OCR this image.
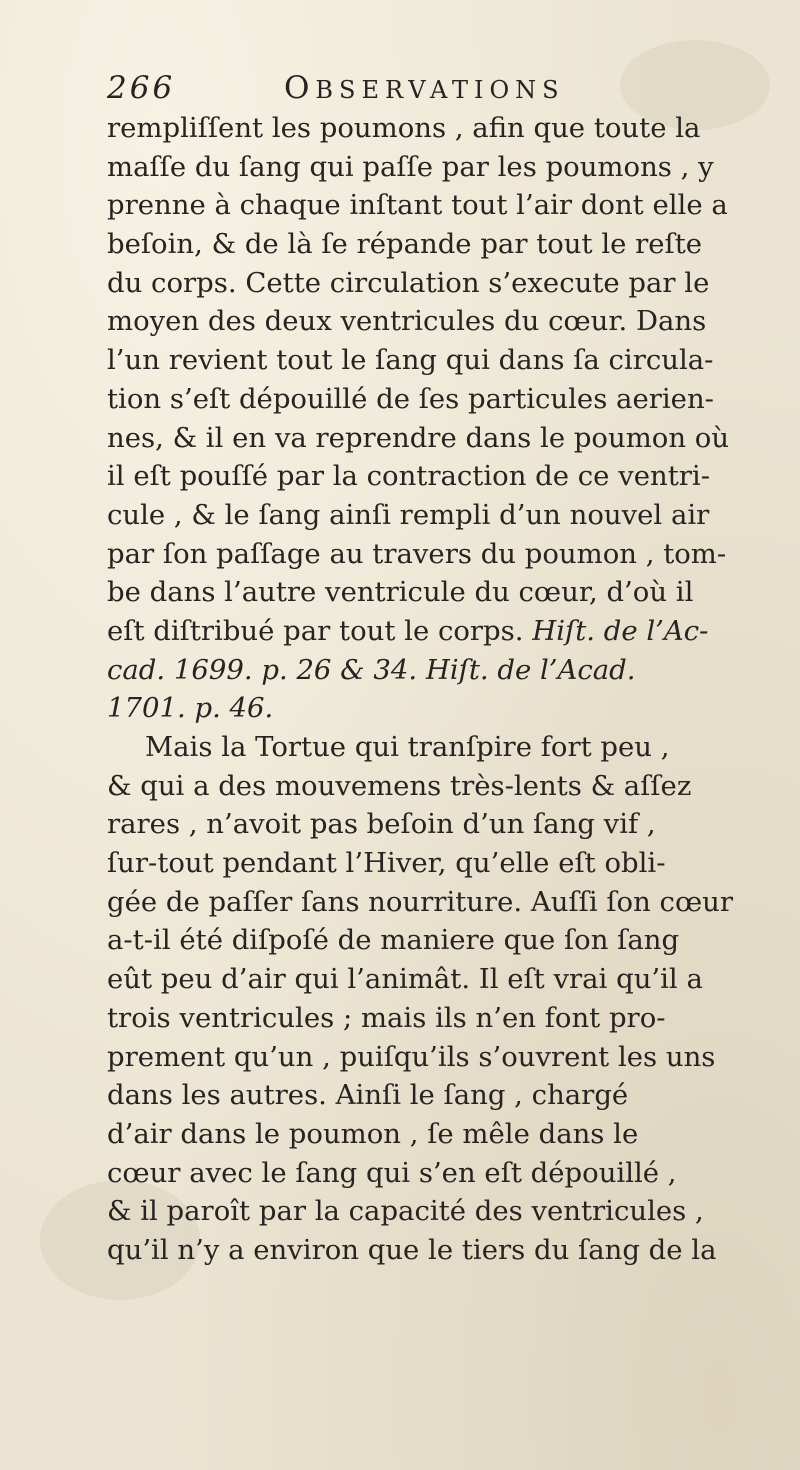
266	OBSERVATIONS
rempliſſent les poumons , afin que toute la
maſſe du ſang qui paſſe par les poumons , y
prenne à chaque inſtant tout l’air dont elle a
beſoin, & de là ſe répande par tout le reſte
du corps. Cette circulation s’execute par le
moyen des deux ventricules du cœur. Dans
l’un revient tout le ſang qui dans ſa circula-
tion s’eſt dépouillé de ſes particules aerien-
nes, & il en va reprendre dans le poumon où
il eſt pouſſé par la contraction de ce ventri-
cule , & le ſang ainſi rempli d’un nouvel air
par ſon paſſage au travers du poumon , tom-
be dans l’autre ventricule du cœur, d’où il
eſt diſtribué par tout le corps. Hiſt. de l’Ac-
cad. 1699. p. 26 & 34. Hiſt. de l’Acad.
1701. p. 46.
Mais la Tortue qui tranſpire fort peu ,
& qui a des mouvemens très-lents & aſſez
rares , n’avoit pas beſoin d’un ſang vif ,
ſur-tout pendant l’Hiver, qu’elle eſt obli-
gée de paſſer ſans nourriture. Auſſi ſon cœur
a-t-il été diſpoſé de maniere que ſon ſang
eût peu d’air qui l’animât. Il eſt vrai qu’il a
trois ventricules ; mais ils n’en font pro-
prement qu’un , puiſqu’ils s’ouvrent les uns
dans les autres. Ainſi le ſang , chargé
d’air dans le poumon , ſe mêle dans le
cœur avec le ſang qui s’en eſt dépouillé ,
& il paroît par la capacité des ventricules ,
qu’il n’y a environ que le tiers du ſang de la
